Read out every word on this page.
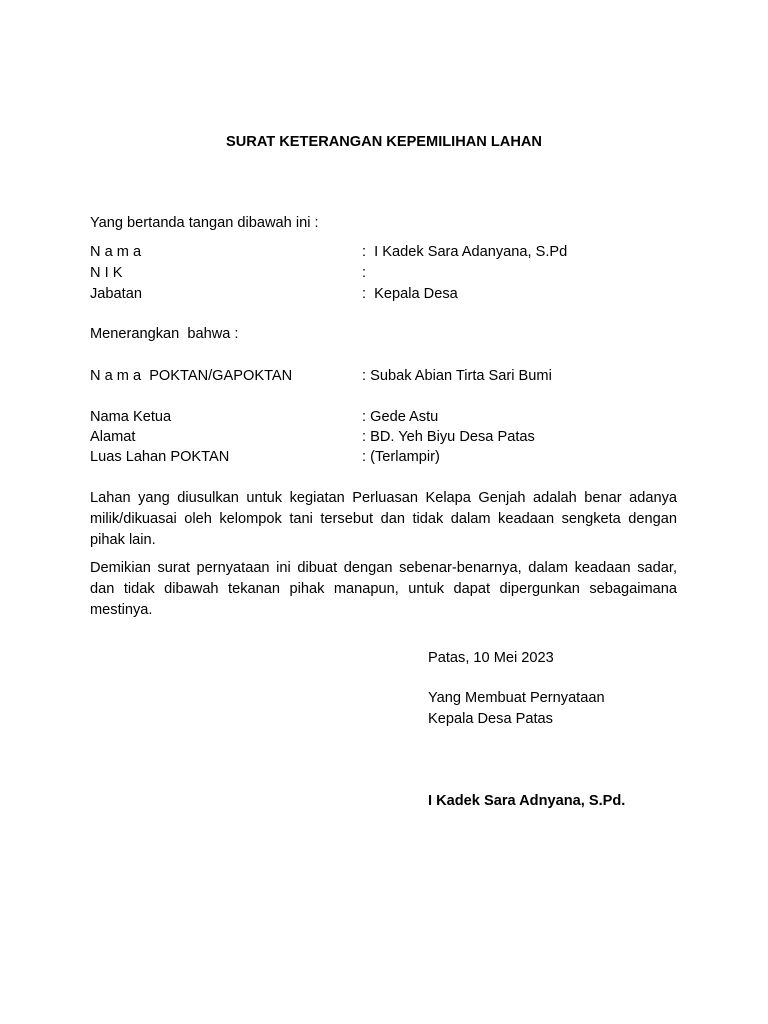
SURAT KETERANGAN KEPEMILIHAN LAHAN
Yang bertanda tangan dibawah ini :
N a m a	:  I Kadek Sara Adanyana, S.Pd
N I K	:
Jabatan	:  Kepala Desa
Menerangkan  bahwa :
N a m a  POKTAN/GAPOKTAN	: Subak Abian Tirta Sari Bumi
Nama Ketua	: Gede Astu
Alamat	: BD. Yeh Biyu Desa Patas
Luas Lahan POKTAN	: (Terlampir)
Lahan yang diusulkan untuk kegiatan Perluasan Kelapa Genjah adalah benar adanya milik/dikuasai oleh kelompok tani tersebut dan tidak dalam keadaan sengketa dengan pihak lain.
Demikian surat pernyataan ini dibuat dengan sebenar-benarnya, dalam keadaan sadar, dan tidak dibawah tekanan pihak manapun, untuk dapat dipergunkan sebagaimana mestinya.
Patas, 10 Mei 2023
Yang Membuat Pernyataan
Kepala Desa Patas
I Kadek Sara Adnyana, S.Pd.
